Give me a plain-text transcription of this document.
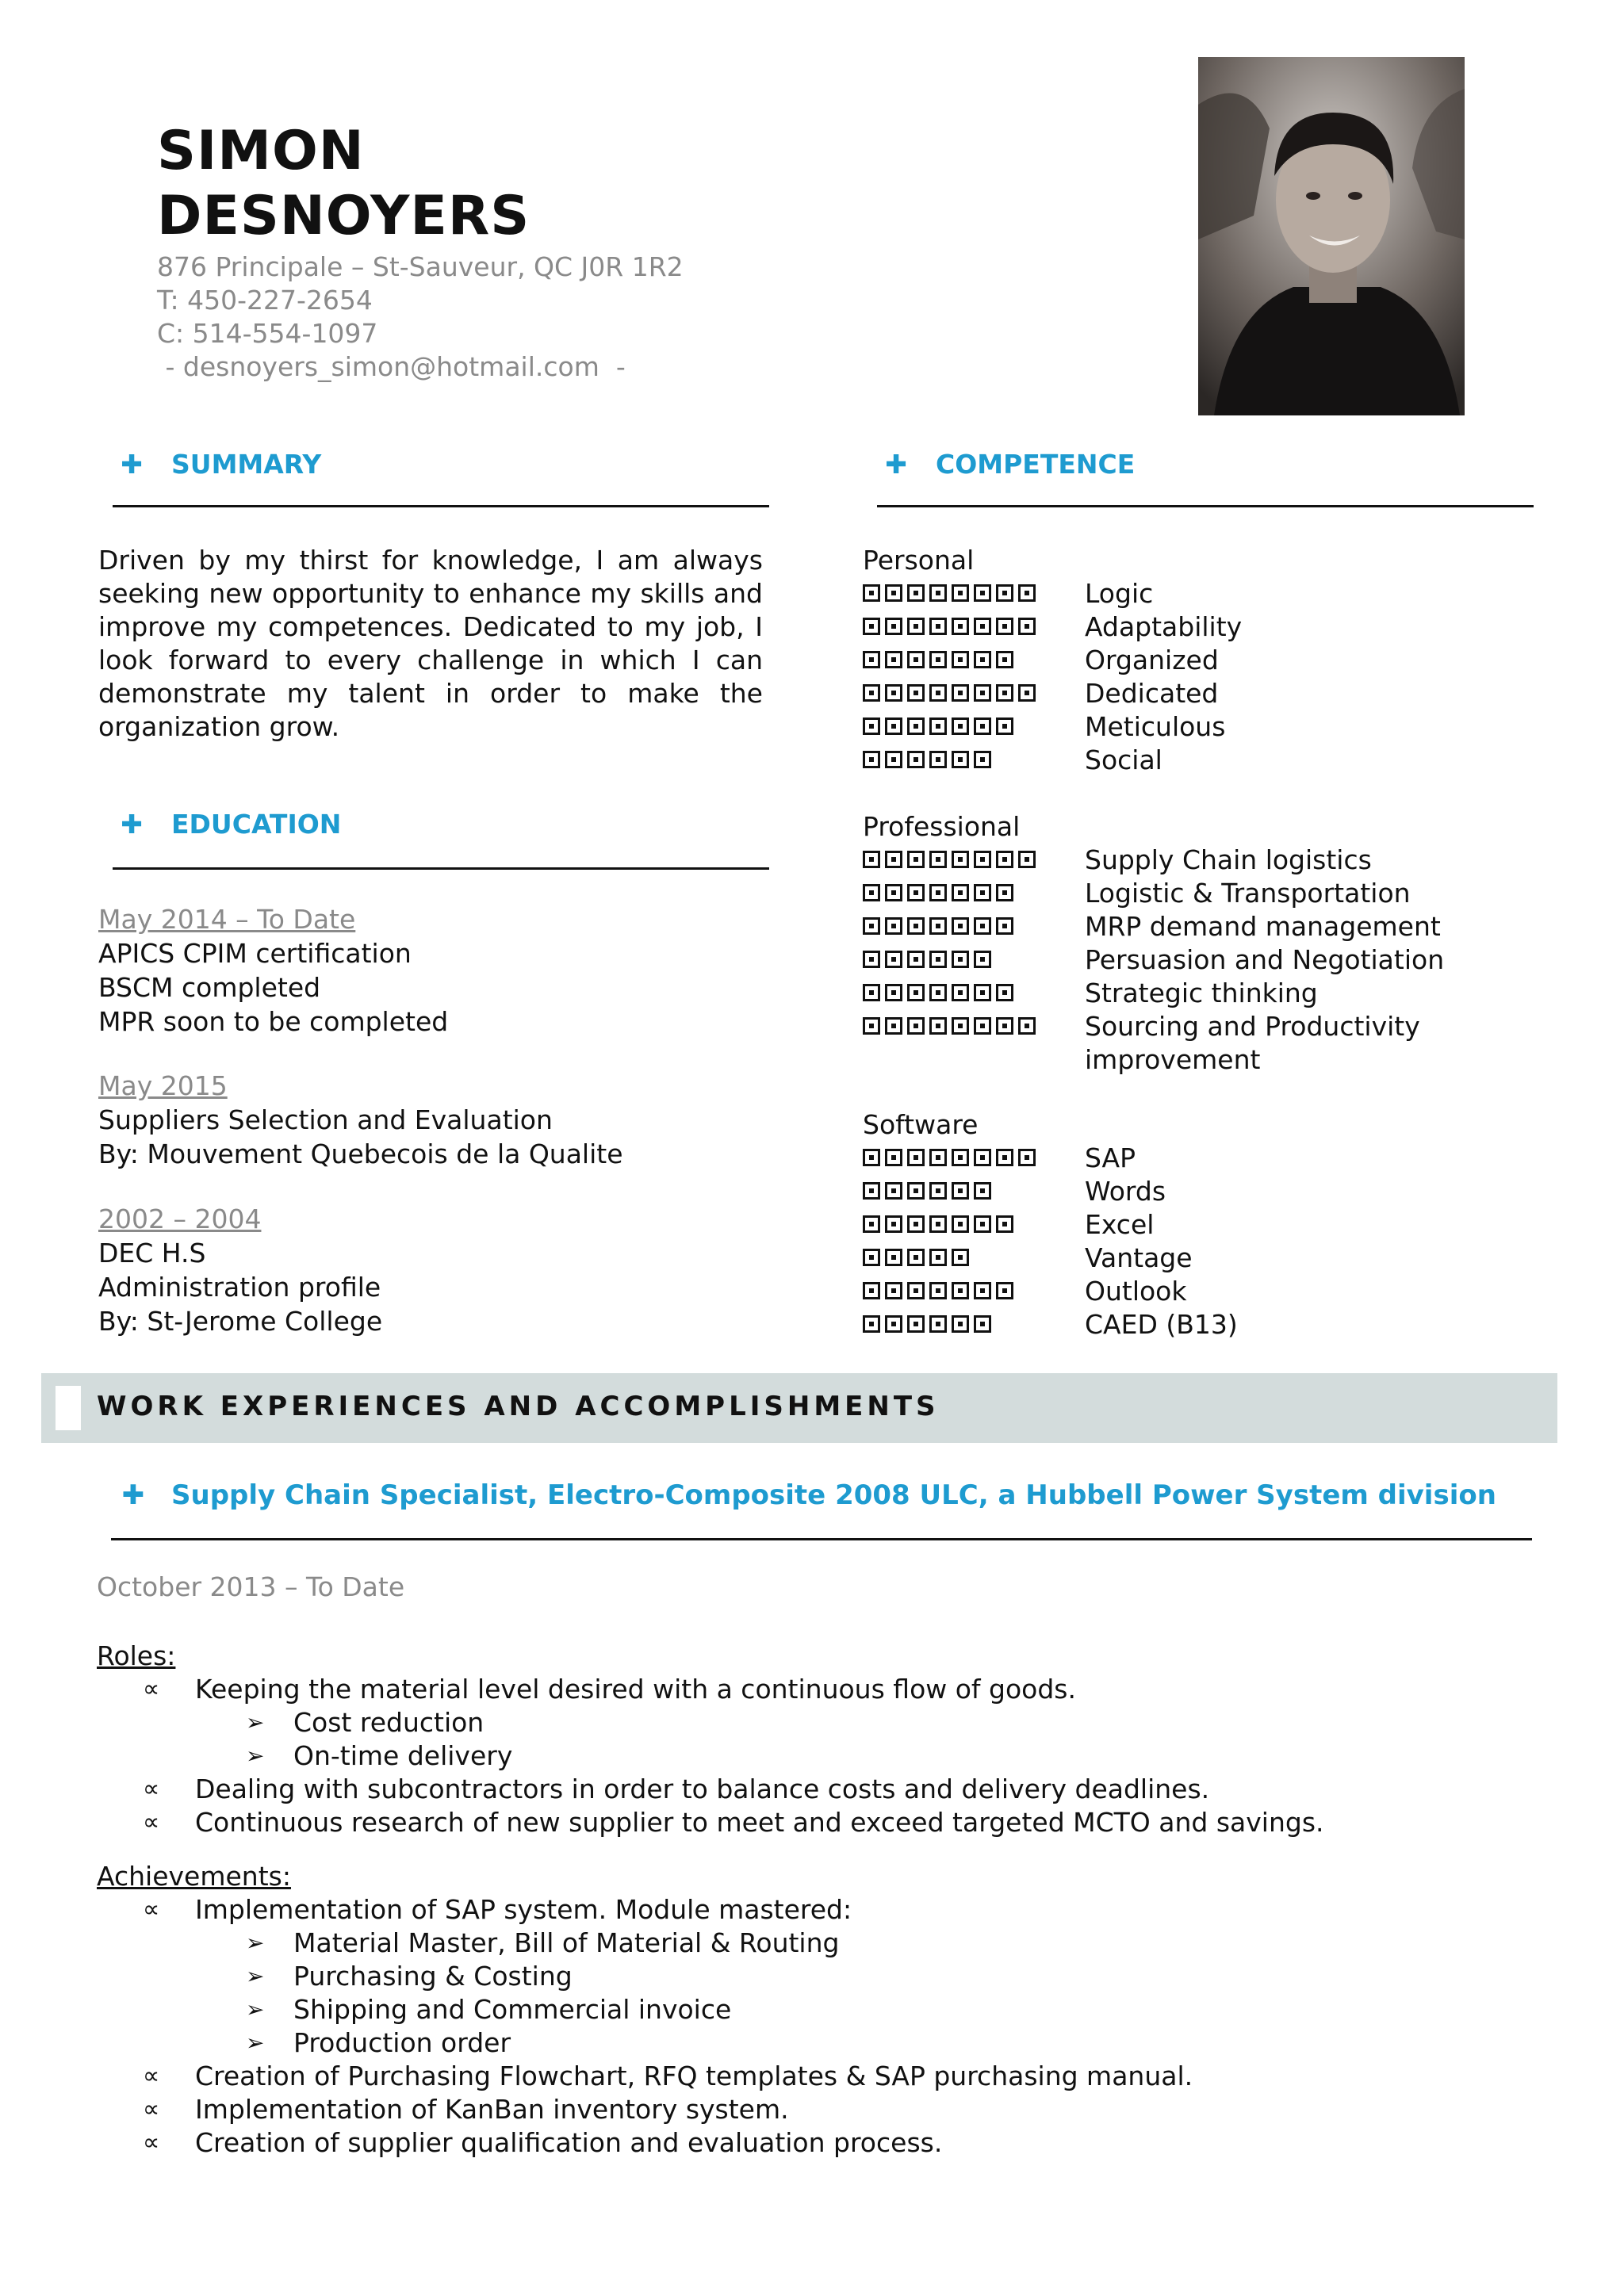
SIMON
DESNOYERS
876 Principale – St-Sauveur, QC J0R 1R2
T: 450-227-2654
C: 514-554-1097
- desnoyers_simon@hotmail.com  -
✚ SUMMARY
Driven by my thirst for knowledge, I am always seeking new opportunity to enhance my skills and improve my competences. Dedicated to my job, I look forward to every challenge in which I can demonstrate my talent in order to make the organization grow.
✚ EDUCATION
May 2014 – To Date
APICS CPIM certification
BSCM completed
MPR soon to be completed
May 2015
Suppliers Selection and Evaluation
By: Mouvement Quebecois de la Qualite
2002 – 2004
DEC H.S
Administration profile
By: St-Jerome College
✚ COMPETENCE
Personal
Logic
Adaptability
Organized
Dedicated
Meticulous
Social
Professional
Supply Chain logistics
Logistic & Transportation
MRP demand management
Persuasion and Negotiation
Strategic thinking
Sourcing and Productivity improvement
Software
SAP
Words
Excel
Vantage
Outlook
CAED (B13)
WORK EXPERIENCES AND ACCOMPLISHMENTS
✚ Supply Chain Specialist, Electro-Composite 2008 ULC, a Hubbell Power System division
October 2013 – To Date
Roles:
∝ Keeping the material level desired with a continuous flow of goods.
➢ Cost reduction
➢ On-time delivery
∝ Dealing with subcontractors in order to balance costs and delivery deadlines.
∝ Continuous research of new supplier to meet and exceed targeted MCTO and savings.
Achievements:
∝ Implementation of SAP system. Module mastered:
➢ Material Master, Bill of Material & Routing
➢ Purchasing & Costing
➢ Shipping and Commercial invoice
➢ Production order
∝ Creation of Purchasing Flowchart, RFQ templates & SAP purchasing manual.
∝ Implementation of KanBan inventory system.
∝ Creation of supplier qualification and evaluation process.
